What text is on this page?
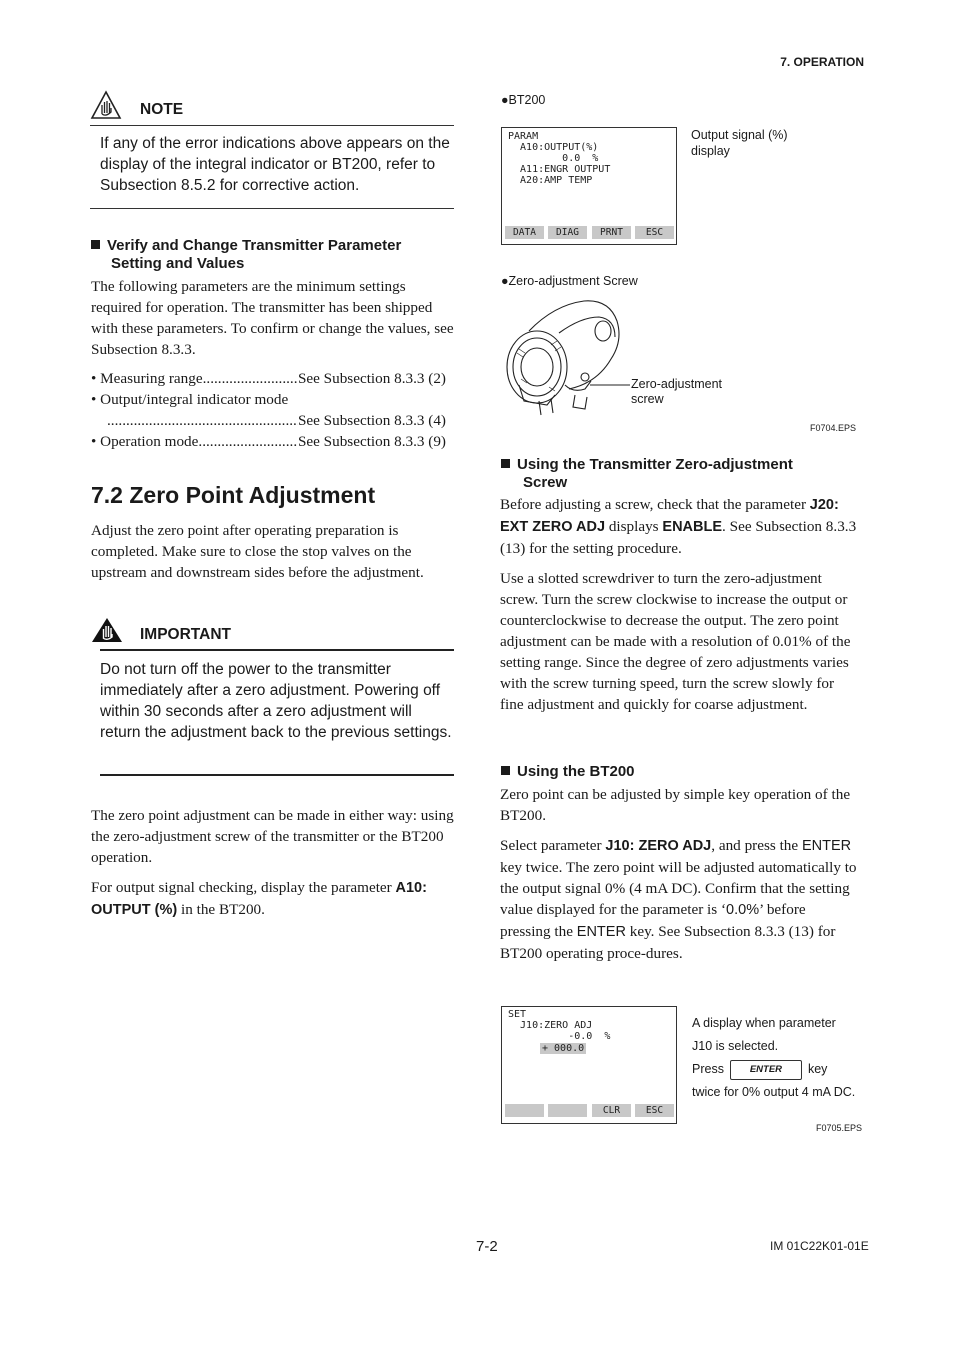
7. OPERATION
NOTE
If any of the error indications above appears on the display of the integral indicator or BT200, refer to Subsection 8.5.2 for corrective action.
Verify and Change Transmitter Parameter
Setting and Values

The following parameters are the minimum settings required for operation. The transmitter has been shipped with these parameters. To confirm or change the values, see Subsection 8.3.3.

• Measuring range .....	See Subsection 8.3.3 (2)
• Output/integral indicator mode
.....
See Subsection 8.3.3 (4)
• Operation mode .....	See Subsection 8.3.3 (9)
7.2 Zero Point Adjustment

Adjust the zero point after operating preparation is completed. Make sure to close the stop valves on the upstream and downstream sides before the adjustment.

IMPORTANT
Do not turn off the power to the transmitter immediately after a zero adjustment. Powering off within 30 seconds after a zero adjustment will return the adjustment back to the previous settings.

The zero point adjustment can be made in either way: using the zero-adjustment screw of the transmitter or the BT200 operation.

For output signal checking, display the parameter A10: OUTPUT (%) in the BT200.

●BT200
PARAM
A10:OUTPUT(%)
0.0  %
A11:ENGR OUTPUT
A20:AMP TEMP
DATA	DIAG	PRNT	ESC
Output signal (%)
display
●Zero-adjustment Screw
Zero-adjustment
screw
F0704.EPS
Using the Transmitter Zero-adjustment
Screw

Before adjusting a screw, check that the parameter J20: EXT ZERO ADJ displays ENABLE. See Subsection 8.3.3 (13) for the setting procedure.

Use a slotted screwdriver to turn the zero-adjustment screw. Turn the screw clockwise to increase the output or counterclockwise to decrease the output. The zero point adjustment can be made with a resolution of 0.01% of the setting range. Since the degree of zero adjustments varies with the screw turning speed, turn the screw slowly for fine adjustment and quickly for coarse adjustment.

Using the BT200

Zero point can be adjusted by simple key operation of the BT200.

Select parameter J10: ZERO ADJ, and press the ENTER key twice. The zero point will be adjusted automatically to the output signal 0% (4 mA DC). Confirm that the setting value displayed for the parameter is ‘0.0%’ before pressing the ENTER key. See Subsection 8.3.3 (13) for BT200 operating proce-dures.

SET
J10:ZERO ADJ
-0.0  %
+ 000.0
CLR	ESC
A display when parameter
J10 is selected.
Press	ENTER	key
twice for 0% output 4 mA DC.
F0705.EPS
7-2	IM 01C22K01-01E
